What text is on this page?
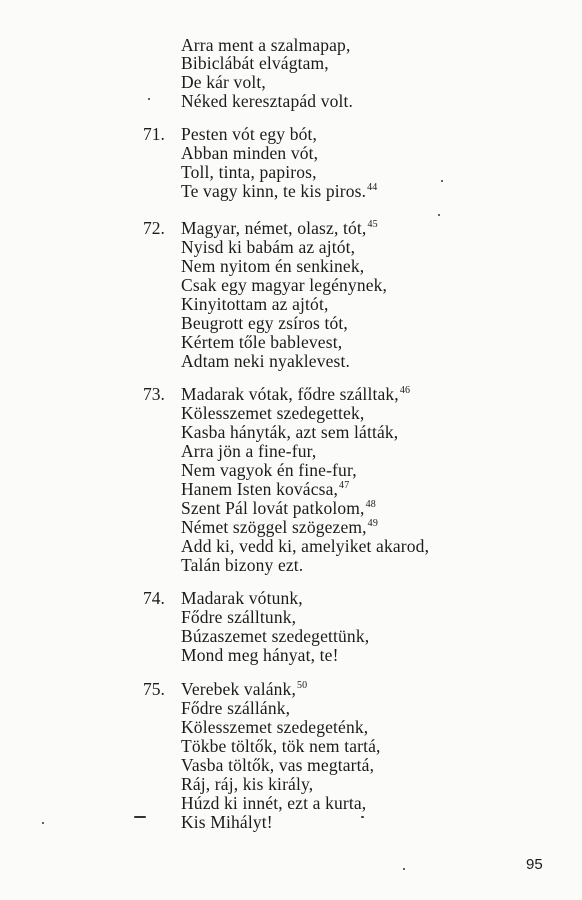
Arra ment a szalmapap,
Bibiclábát elvágtam,
De kár volt,
Néked keresztapád volt.
71. Pesten vót egy bót,
Abban minden vót,
Toll, tinta, papiros,
Te vagy kinn, te kis piros.$^{44}$
72. Magyar, német, olasz, tót,$^{45}$
Nyisd ki babám az ajtót,
Nem nyitom én senkinek,
Csak egy magyar legénynek,
Kinyitottam az ajtót,
Beugrott egy zsíros tót,
Kértem tőle bablevest,
Adtam neki nyaklevest.
73. Madarak vótak, fődre szálltak,$^{46}$
Kölesszemet szedegettek,
Kasba hányták, azt sem látták,
Arra jön a fine-fur,
Nem vagyok én fine-fur,
Hanem Isten kovácsa,$^{47}$
Szent Pál lovát patkolom,$^{48}$
Német szöggel szögezem,$^{49}$
Add ki, vedd ki, amelyiket akarod,
Talán bizony ezt.
74. Madarak vótunk,
Fődre szálltunk,
Búzaszemet szedegettünk,
Mond meg hányat, te!
75. Verebek valánk,$^{50}$
Fődre szállánk,
Kölesszemet szedegeténk,
Tökbe töltők, tök nem tartá,
Vasba töltők, vas megtartá,
Ráj, ráj, kis király,
Húzd ki innét, ezt a kurta,
Kis Mihályt!
95
